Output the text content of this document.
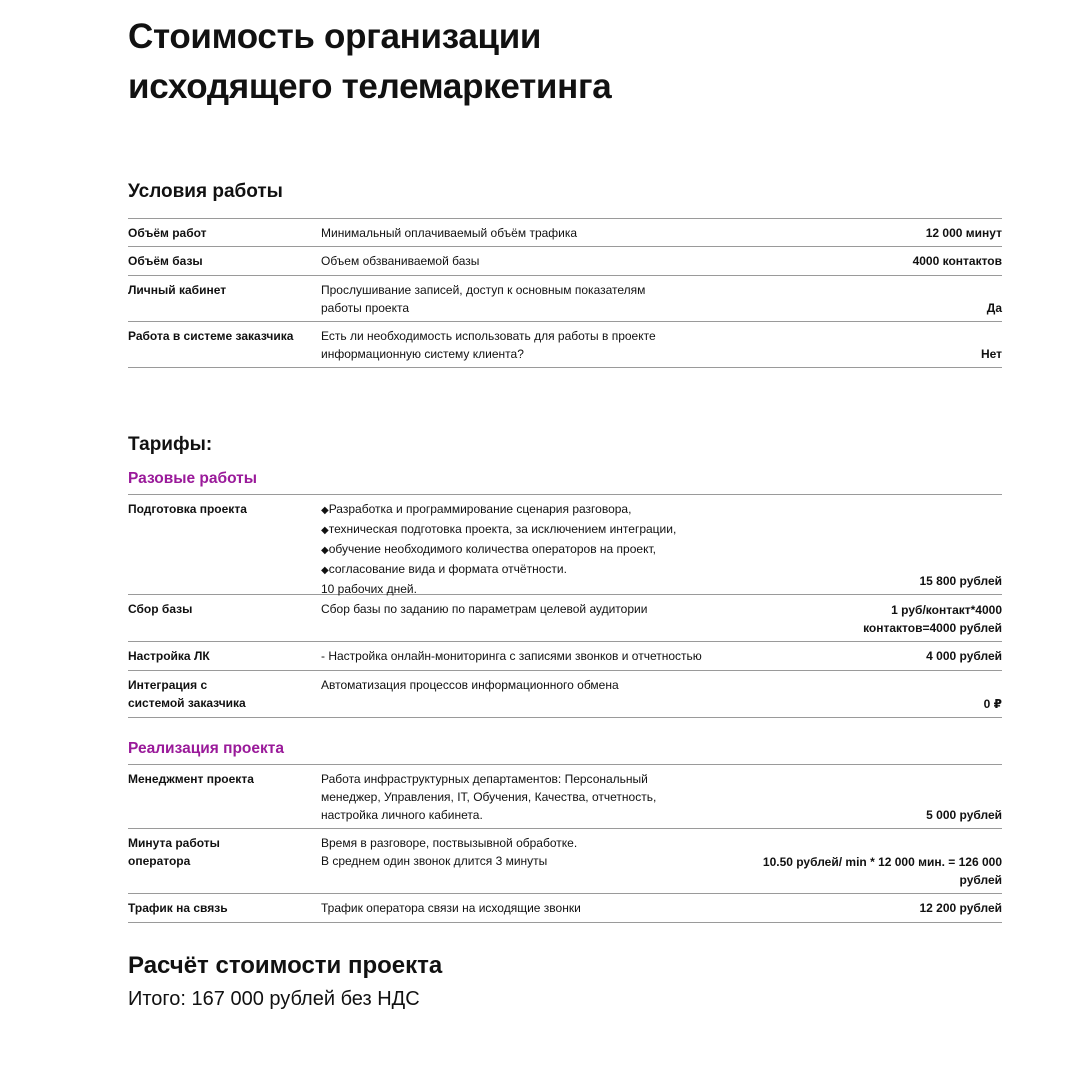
Стоимость организации
исходящего телемаркетинга
Условия работы
Объём работ	Минимальный оплачиваемый объём трафика	12 000 минут
Объём базы	Объем обзваниваемой базы	4000 контактов
Личный кабинет	Прослушивание записей, доступ к основным показателям
работы проекта	Да
Работа в системе заказчика	Есть ли необходимость использовать для работы в проекте
информационную систему клиента?	Нет
Тарифы:
Разовые работы
Подготовка проекта
◆	Разработка и программирование сценария разговора,
◆ техническая подготовка проекта, за исключением интеграции,
◆ обучение необходимого количества операторов на проект,
◆ согласование вида и формата отчётности.
10 рабочих дней.
15 800 рублей
Сбор базы	Сбор базы по заданию по параметрам целевой аудитории	1 руб/контакт*4000
контактов=4000 рублей
Настройка ЛК	- Настройка онлайн-мониторинга с записями звонков и отчетностью	4 000 рублей
Интеграция с
системой заказчика
Автоматизация процессов информационного обмена
0 ₽
Реализация проекта
Менеджмент проекта	Работа инфраструктурных департаментов: Персональный
менеджер, Управления, IT, Обучения, Качества, отчетность,
настройка личного кабинета.	5 000 рублей
Минута работы
оператора
Время в разговоре, поствызывной обработке.
В среднем один звонок длится 3 минуты	10.50 рублей/ min * 12 000 мин. = 126 000
рублей
Трафик на связь	Трафик оператора связи на исходящие звонки	12 200 рублей
Расчёт стоимости проекта
Итого: 167 000 рублей без НДС
